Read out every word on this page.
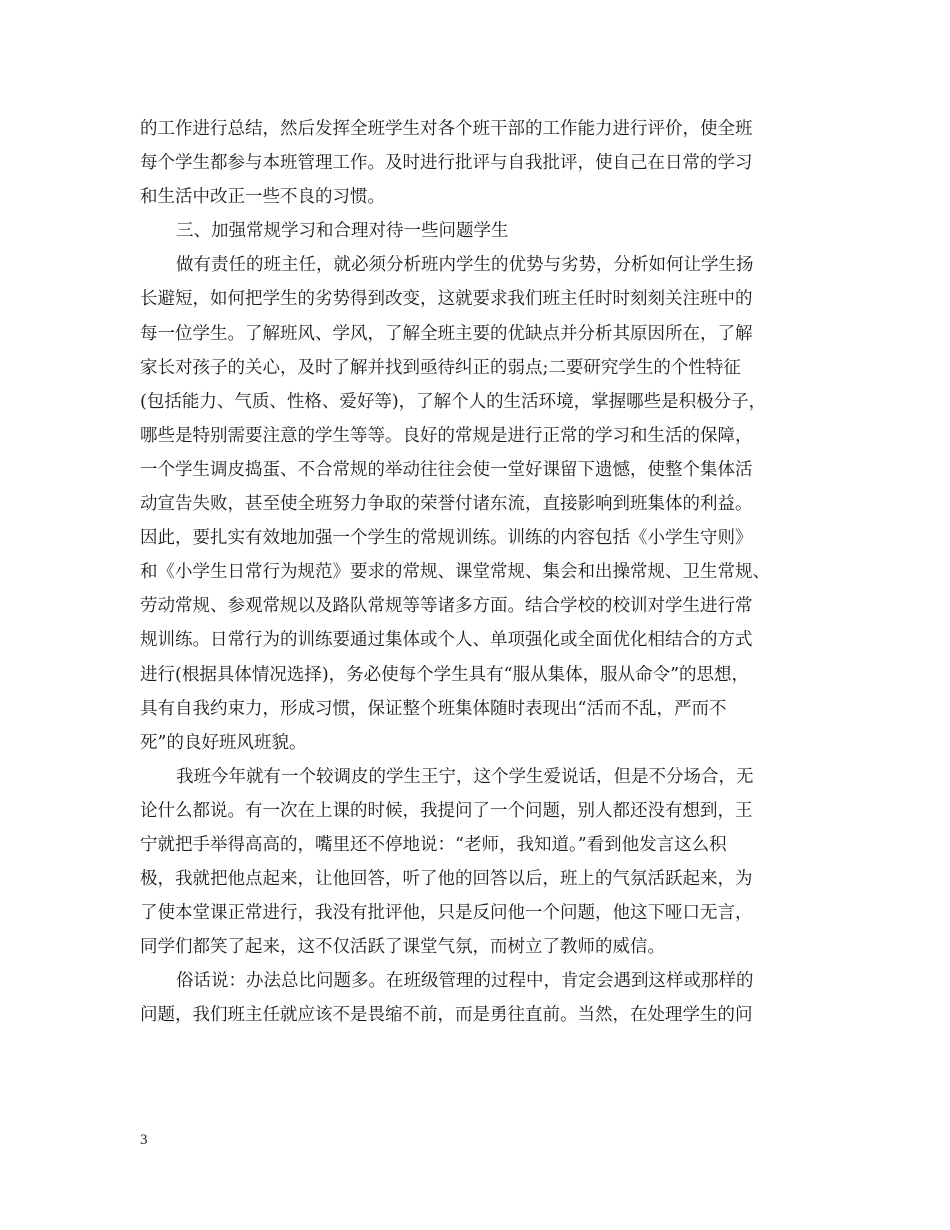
的工作进行总结，然后发挥全班学生对各个班干部的工作能力进行评价，使全班
每个学生都参与本班管理工作。及时进行批评与自我批评，使自己在日常的学习
和生活中改正一些不良的习惯。
三、加强常规学习和合理对待一些问题学生
做有责任的班主任，就必须分析班内学生的优势与劣势，分析如何让学生扬
长避短，如何把学生的劣势得到改变，这就要求我们班主任时时刻刻关注班中的
每一位学生。了解班风、学风，了解全班主要的优缺点并分析其原因所在，了解
家长对孩子的关心，及时了解并找到亟待纠正的弱点;二要研究学生的个性特征
(包括能力、气质、性格、爱好等)，了解个人的生活环境，掌握哪些是积极分子，
哪些是特别需要注意的学生等等。良好的常规是进行正常的学习和生活的保障，
一个学生调皮捣蛋、不合常规的举动往往会使一堂好课留下遗憾，使整个集体活
动宣告失败，甚至使全班努力争取的荣誉付诸东流，直接影响到班集体的利益。
因此，要扎实有效地加强一个学生的常规训练。训练的内容包括《小学生守则》
和《小学生日常行为规范》要求的常规、课堂常规、集会和出操常规、卫生常规、
劳动常规、参观常规以及路队常规等等诸多方面。结合学校的校训对学生进行常
规训练。日常行为的训练要通过集体或个人、单项强化或全面优化相结合的方式
进行(根据具体情况选择)，务必使每个学生具有“服从集体，服从命令”的思想，
具有自我约束力，形成习惯，保证整个班集体随时表现出“活而不乱，严而不
死”的良好班风班貌。
我班今年就有一个较调皮的学生王宁，这个学生爱说话，但是不分场合，无
论什么都说。有一次在上课的时候，我提问了一个问题，别人都还没有想到，王
宁就把手举得高高的，嘴里还不停地说：“老师，我知道。”看到他发言这么积
极，我就把他点起来，让他回答，听了他的回答以后，班上的气氛活跃起来，为
了使本堂课正常进行，我没有批评他，只是反问他一个问题，他这下哑口无言，
同学们都笑了起来，这不仅活跃了课堂气氛，而树立了教师的威信。
俗话说：办法总比问题多。在班级管理的过程中，肯定会遇到这样或那样的
问题，我们班主任就应该不是畏缩不前，而是勇往直前。当然，在处理学生的问
3
